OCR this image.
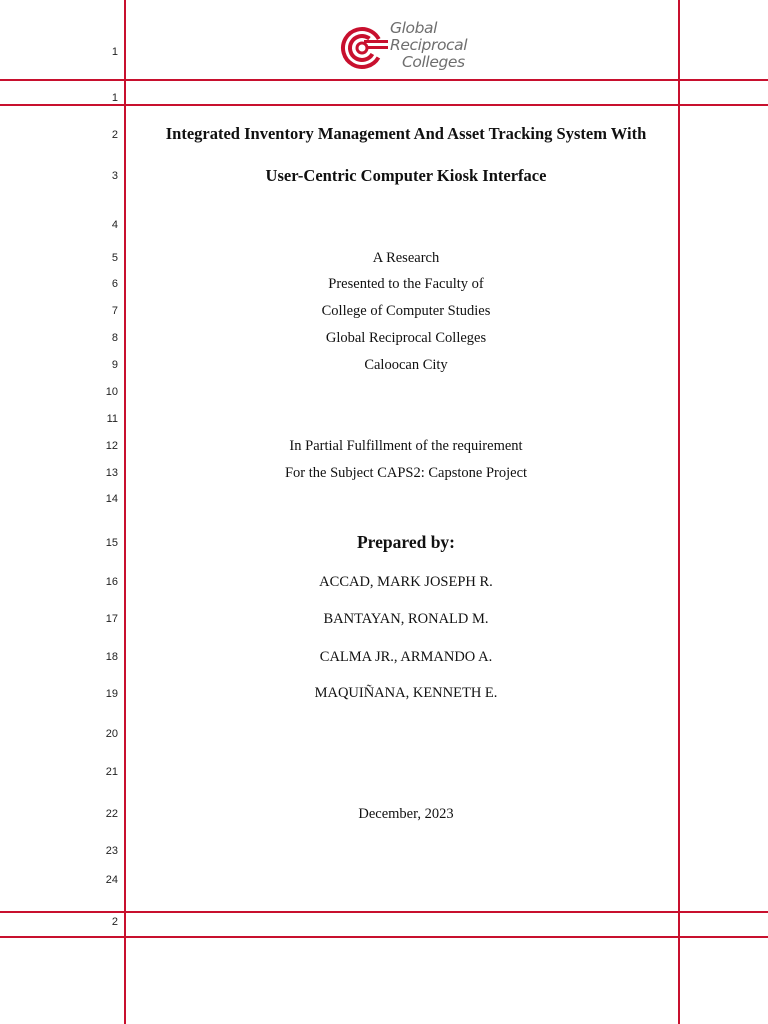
1
Global
Reciprocal
Colleges
1
2
3
4
5
6
7
8
9
10
11
12
13
14
15
16
17
18
19
20
21
22
23
24
2
Integrated Inventory Management And Asset Tracking System With
User-Centric Computer Kiosk Interface
A Research
Presented to the Faculty of
College of Computer Studies
Global Reciprocal Colleges
Caloocan City
In Partial Fulfillment of the requirement
For the Subject CAPS2: Capstone Project
Prepared by:
ACCAD, MARK JOSEPH R.
BANTAYAN, RONALD M.
CALMA JR., ARMANDO A.
MAQUIÑANA, KENNETH E.
December, 2023
